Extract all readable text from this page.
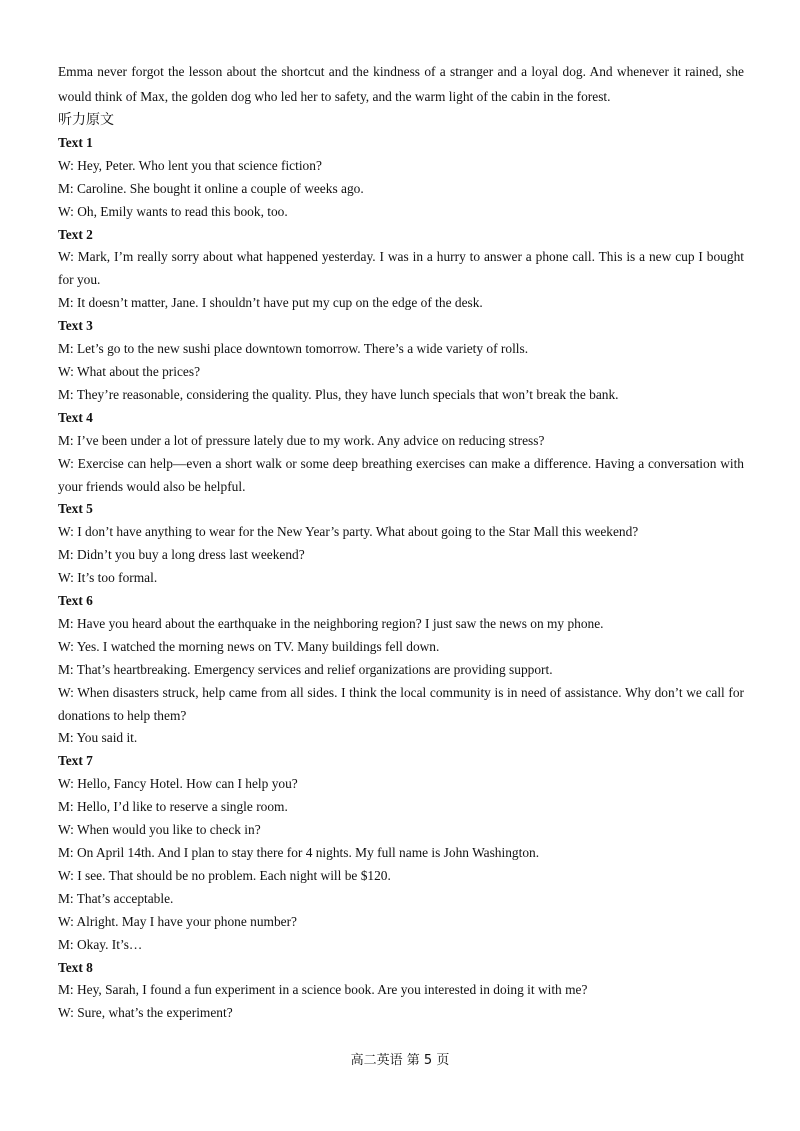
Emma never forgot the lesson about the shortcut and the kindness of a stranger and a loyal dog. And whenever it rained, she would think of Max, the golden dog who led her to safety, and the warm light of the cabin in the forest.

听力原文

Text 1

W: Hey, Peter. Who lent you that science fiction?

M: Caroline. She bought it online a couple of weeks ago.

W: Oh, Emily wants to read this book, too.

Text 2

W: Mark, I’m really sorry about what happened yesterday. I was in a hurry to answer a phone call. This is a new cup I bought for you.

M: It doesn’t matter, Jane. I shouldn’t have put my cup on the edge of the desk.

Text 3

M: Let’s go to the new sushi place downtown tomorrow. There’s a wide variety of rolls.

W: What about the prices?

M: They’re reasonable, considering the quality. Plus, they have lunch specials that won’t break the bank.

Text 4

M: I’ve been under a lot of pressure lately due to my work. Any advice on reducing stress?

W: Exercise can help—even a short walk or some deep breathing exercises can make a difference. Having a conversation with your friends would also be helpful.

Text 5

W: I don’t have anything to wear for the New Year’s party. What about going to the Star Mall this weekend?

M: Didn’t you buy a long dress last weekend?

W: It’s too formal.

Text 6

M: Have you heard about the earthquake in the neighboring region? I just saw the news on my phone.

W: Yes. I watched the morning news on TV. Many buildings fell down.

M: That’s heartbreaking. Emergency services and relief organizations are providing support.

W: When disasters struck, help came from all sides. I think the local community is in need of assistance. Why don’t we call for donations to help them?

M: You said it.

Text 7

W: Hello, Fancy Hotel. How can I help you?

M: Hello, I’d like to reserve a single room.

W: When would you like to check in?

M: On April 14th. And I plan to stay there for 4 nights. My full name is John Washington.

W: I see. That should be no problem. Each night will be $120.

M: That’s acceptable.

W: Alright. May I have your phone number?

M: Okay. It’s…

Text 8

M: Hey, Sarah, I found a fun experiment in a science book. Are you interested in doing it with me?

W: Sure, what’s the experiment?

高二英语 第 5 页
